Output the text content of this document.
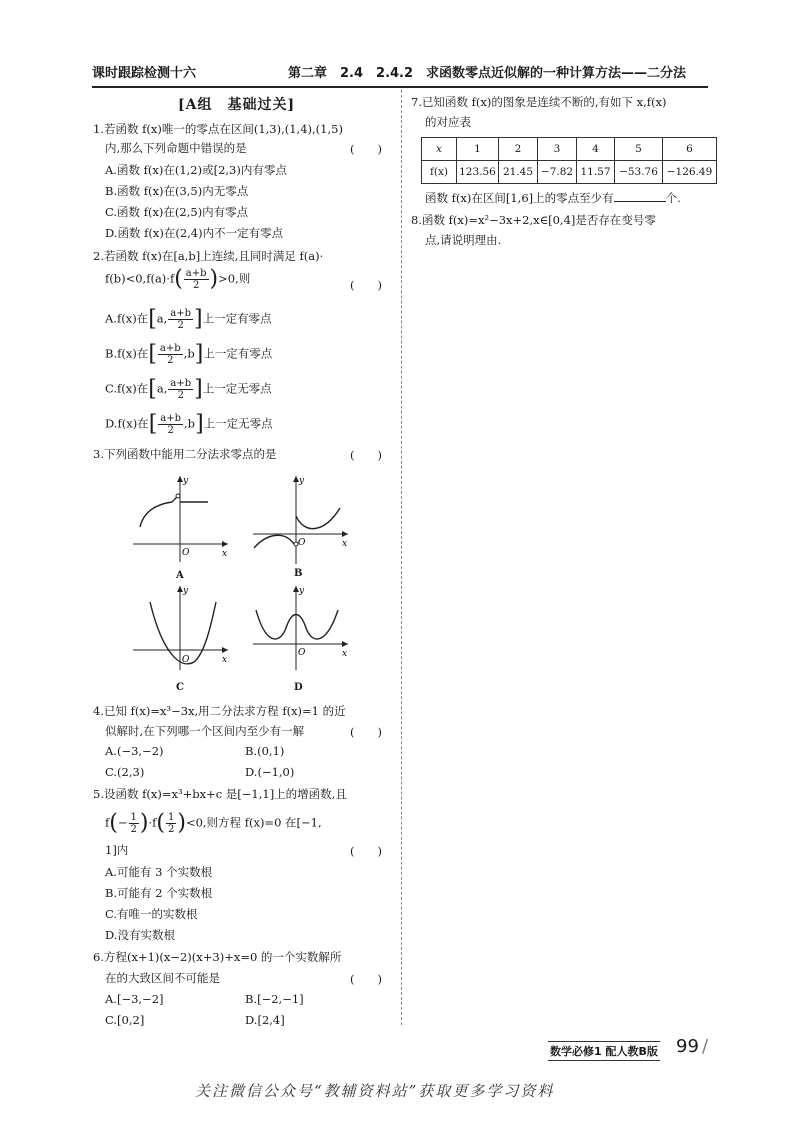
课时跟踪检测十六	第二章　2.4　2.4.2　求函数零点近似解的一种计算方法——二分法
[A组　基础过关]
1.若函数 f(x)唯一的零点在区间(1,3),(1,4),(1,5)
内,那么下列命题中错误的是	(　　)
A.函数 f(x)在(1,2)或[2,3)内有零点
B.函数 f(x)在(3,5)内无零点
C.函数 f(x)在(2,5)内有零点
D.函数 f(x)在(2,4)内不一定有零点
2.若函数 f(x)在[a,b]上连续,且同时满足 f(a)·
$f(b)<0,f(a)\cdot f( \frac{a+b}{2} )>0$,则	(　　)
A.f(x)在[a, $\frac{a+b}{2}$ ]上一定有零点
B.f(x)在[ $\frac{a+b}{2} ,b$]上一定有零点
C.f(x)在[a, $\frac{a+b}{2}$ ]上一定无零点
D.f(x)在[ $\frac{a+b}{2} ,b$]上一定无零点
3.下列函数中能用二分法求零点的是	(　　)
y
x
O
A
y
x
O
B
y
x
O
C
y
x
O
D
4.已知 f(x)=x³−3x,用二分法求方程 f(x)=1 的近
似解时,在下列哪一个区间内至少有一解	(　　)
A.(−3,−2)	B.(0,1)
C.(2,3)	D.(−1,0)
5.设函数 f(x)=x³+bx+c 是[−1,1]上的增函数,且
$f(- \frac{1}{2} )\cdot f( \frac{1}{2} )<0$,则方程 f(x)=0 在[−1,
1]内	(　　)
A.可能有 3 个实数根
B.可能有 2 个实数根
C.有唯一的实数根
D.没有实数根
6.方程(x+1)(x−2)(x+3)+x=0 的一个实数解所
在的大致区间不可能是	(　　)
A.[−3,−2]	B.[−2,−1]
C.[0,2]	D.[2,4]
7.已知函数 f(x)的图象是连续不断的,有如下 x,f(x)
的对应表
x	1	2	3	4	5	6
f(x)	123.56	21.45	−7.82	11.57	−53.76	−126.49
函数 f(x)在区间[1,6]上的零点至少有	个.
8.函数 f(x)=x²−3x+2,x∈[0,4]是否存在变号零
点,请说明理由.
数学必修1 配人教B版 99 /
关注微信公众号“教辅资料站”获取更多学习资料
